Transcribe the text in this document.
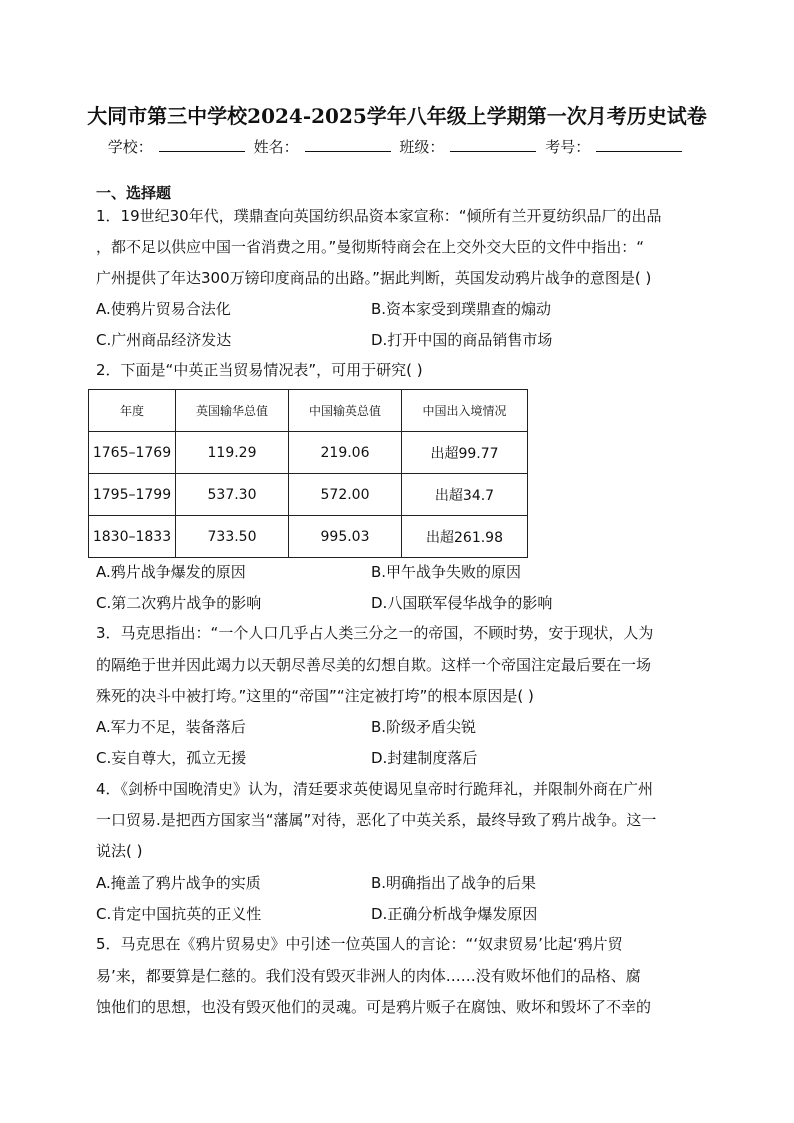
大同市第三中学校2024-2025学年八年级上学期第一次月考历史试卷
学校：	姓名：	班级：	考号：
一、选择题
1．19世纪30年代，璞鼎查向英国纺织品资本家宣称：“倾所有兰开夏纺织品厂的出品
，都不足以供应中国一省消费之用。”曼彻斯特商会在上交外交大臣的文件中指出：“
广州提供了年达300万镑印度商品的出路。”据此判断，英国发动鸦片战争的意图是( )
A.使鸦片贸易合法化	B.资本家受到璞鼎查的煽动
C.广州商品经济发达	D.打开中国的商品销售市场
2．下面是“中英正当贸易情况表”，可用于研究( )
年度	英国输华总值	中国输英总值	中国出入境情况
1765–1769	119.29	219.06	出超99.77
1795–1799	537.30	572.00	出超34.7
1830–1833	733.50	995.03	出超261.98
A.鸦片战争爆发的原因	B.甲午战争失败的原因
C.第二次鸦片战争的影响	D.八国联军侵华战争的影响
3．马克思指出：“一个人口几乎占人类三分之一的帝国，不顾时势，安于现状，人为
的隔绝于世并因此竭力以天朝尽善尽美的幻想自欺。这样一个帝国注定最后要在一场
殊死的决斗中被打垮。”这里的“帝国”“注定被打垮”的根本原因是( )
A.军力不足，装备落后	B.阶级矛盾尖锐
C.妄自尊大，孤立无援	D.封建制度落后
4．《剑桥中国晚清史》认为，清廷要求英使谒见皇帝时行跪拜礼，并限制外商在广州
一口贸易.是把西方国家当“藩属”对待，恶化了中英关系，最终导致了鸦片战争。这一
说法( )
A.掩盖了鸦片战争的实质	B.明确指出了战争的后果
C.肯定中国抗英的正义性	D.正确分析战争爆发原因
5．马克思在《鸦片贸易史》中引述一位英国人的言论：“‘奴隶贸易’比起‘鸦片贸
易’来，都要算是仁慈的。我们没有毁灭非洲人的肉体……没有败坏他们的品格、腐
蚀他们的思想，也没有毁灭他们的灵魂。可是鸦片贩子在腐蚀、败坏和毁坏了不幸的
